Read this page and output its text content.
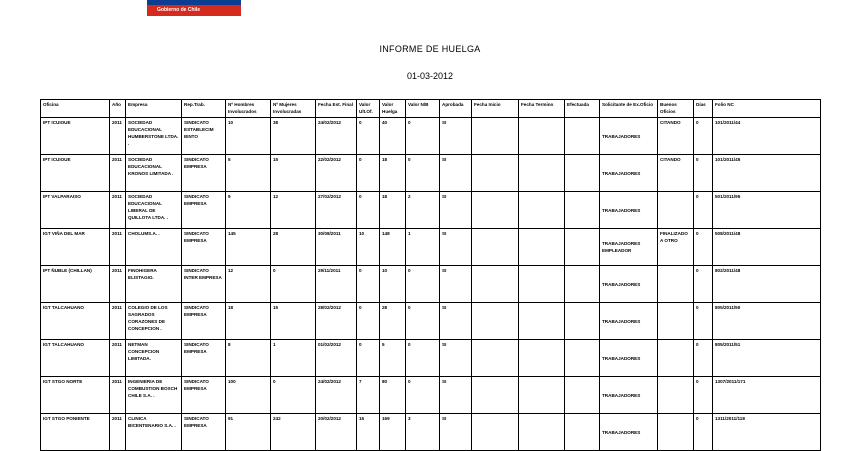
Gobierno de Chile
INFORME DE HUELGA
01-03-2012
Oficina	Año	Empresa	Rep.Trab.	Nº Hombres Involucrados	Nº Mujeres Involucradas	Fecha Est. Final	Valor Ult.Of.	Valor Huelga	Valor N/B	Aprobada	Fecha Inicio	Fecha Termino	Efectuada	Solicitante de Ex.Oficio	Buenos Oficios	Días	Folio NC
IPT ICUIOUE	2011	SOCIEDAD EDUCACIONAL HUMBERSTONE LTDA. .	SINDICATO ESTABLECIM IENTO	10	38	24/02/2012	0	40	0	SI				TRABAJADORES	CITANDO	0	101/2011/44
IPT ICUIOUE	2011	SOCIEDAD EDUCACIONAL KRONOS LIMITADA .	SINDICATO EMPRESA	5	15	22/02/2012	0	18	0	SI				TRABAJADORES	CITANDO	0	101/2011/45
IPT VALPARAISO	2011	SOCIEDAD EDUCACIONAL LIBERAL DE QUILLOTA LTDA. .	SINDICATO EMPRESA	9	12	27/02/2012	0	18	2	SI				TRABAJADORES		0	501/2011/95
IGT VIÑA DEL MAR	2011	CHOLUMS.A. .	SINDICATO EMPRESA	145	28	30/08/2011	10	148	1	SI				TRABAJADORES EMPLEADOR	FINALIZADO A OTRO	0	508/2011/48
IPT ÑUBLE (CHILLAN)	2011	FINOHIGERA ELISTAGIO.	SINDICATO INTER EMPRESA	12	0	29/11/2011	0	10	0	SI				TRABAJADORES		0	802/2011/48
IGT TALCAHUANO	2011	COLEGIO DE LOS SAGRADOS CORAZONES DE CONCEPCION .	SINDICATO EMPRESA	18	15	28/02/2012	0	28	0	SI				TRABAJADORES		0	805/2011/50
IGT TALCAHUANO	2011	NETMAN CONCEPCION LIMITADA.	SINDICATO EMPRESA	8	1	01/02/2012	0	5	0	SI				TRABAJADORES		0	805/2011/51
IGT STGO NORTE	2011	INGENIERIA DE COMBUSTION BOSCH CHILE S.A. .	SINDICATO EMPRESA	100	0	24/02/2012	7	80	0	SI				TRABAJADORES		0	1307/2011/171
IGT STGO PONIENTE	2011	CLINICA BICENTENARIO S.A. .	SINDICATO EMPRESA	91	242	20/02/2012	15	169	3	SI				TRABAJADORES		0	1311/2011/118
